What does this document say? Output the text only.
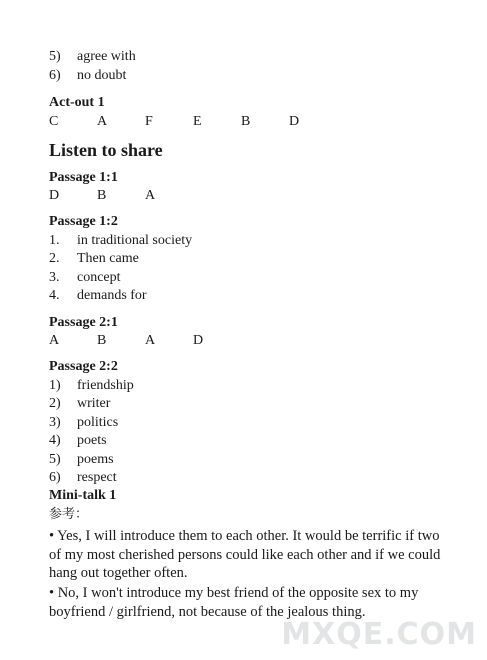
5) agree with
6) no doubt
Act-out 1
C	A	F	E	B	D
Listen to share
Passage 1:1
D	B	A
Passage 1:2
1. in traditional society
2. Then came
3. concept
4. demands for
Passage 2:1
A	B	A	D
Passage 2:2
1) friendship
2) writer
3) politics
4) poets
5) poems
6) respect
Mini-talk 1
参考：
• Yes, I will introduce them to each other. It would be terrific if two of my most cherished persons could like each other and if we could hang out together often.
• No, I won't introduce my best friend of the opposite sex to my boyfriend / girlfriend, not because of the jealous thing.
MXQE.COM
